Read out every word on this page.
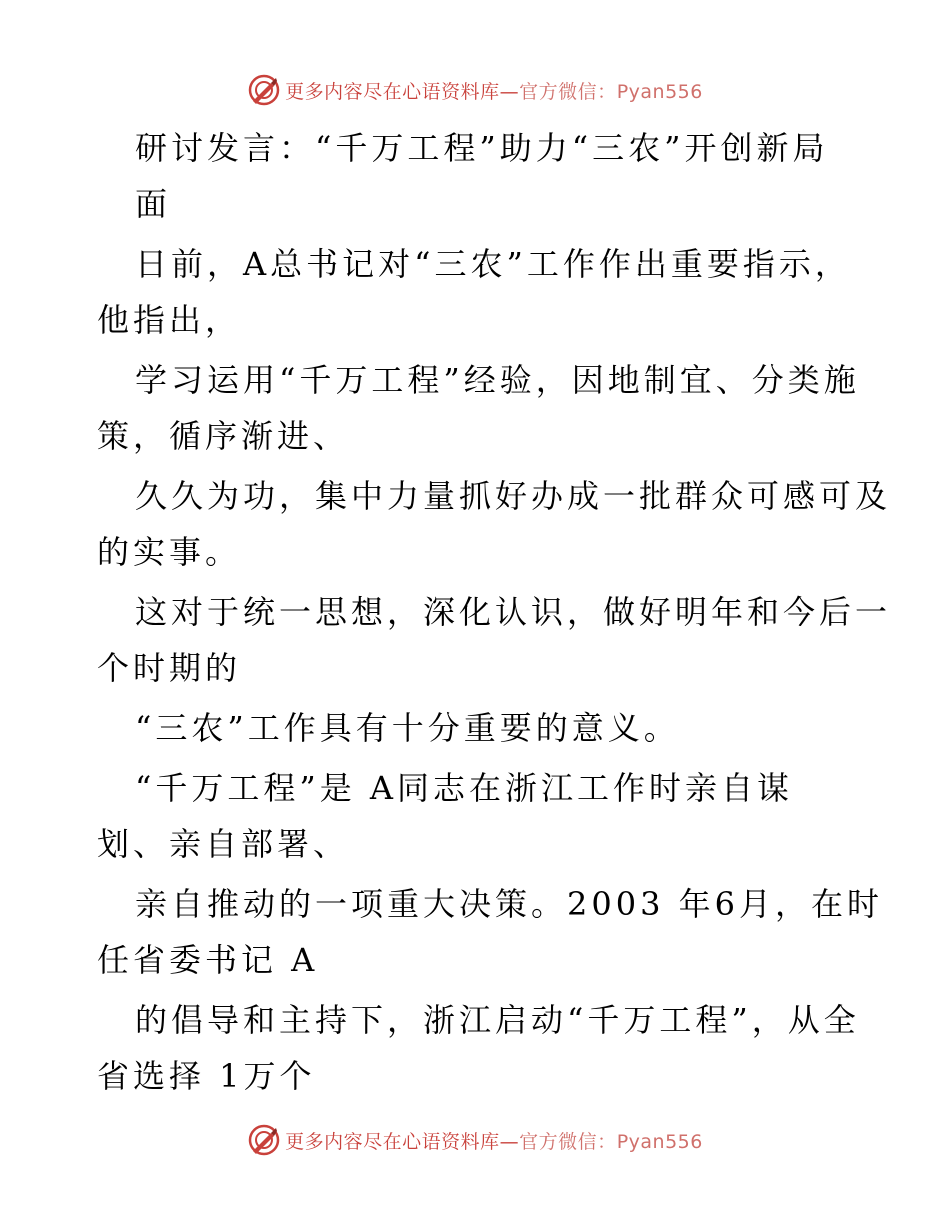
更多内容尽在心语资料库—官方微信：Pyan556
研讨发言：“千万工程”助力“三农”开创新局
面
日前，A总书记对“三农”工作作出重要指示，
他指出，
学习运用“千万工程”经验，因地制宜、分类施
策，循序渐进、
久久为功，集中力量抓好办成一批群众可感可及
的实事。
这对于统一思想，深化认识，做好明年和今后一
个时期的
“三农”工作具有十分重要的意义。
“千万工程”是 A同志在浙江工作时亲自谋
划、亲自部署、
亲自推动的一项重大决策。2003 年6月，在时
任省委书记 A
的倡导和主持下，浙江启动“千万工程”，从全
省选择 1万个
更多内容尽在心语资料库—官方微信：Pyan556
